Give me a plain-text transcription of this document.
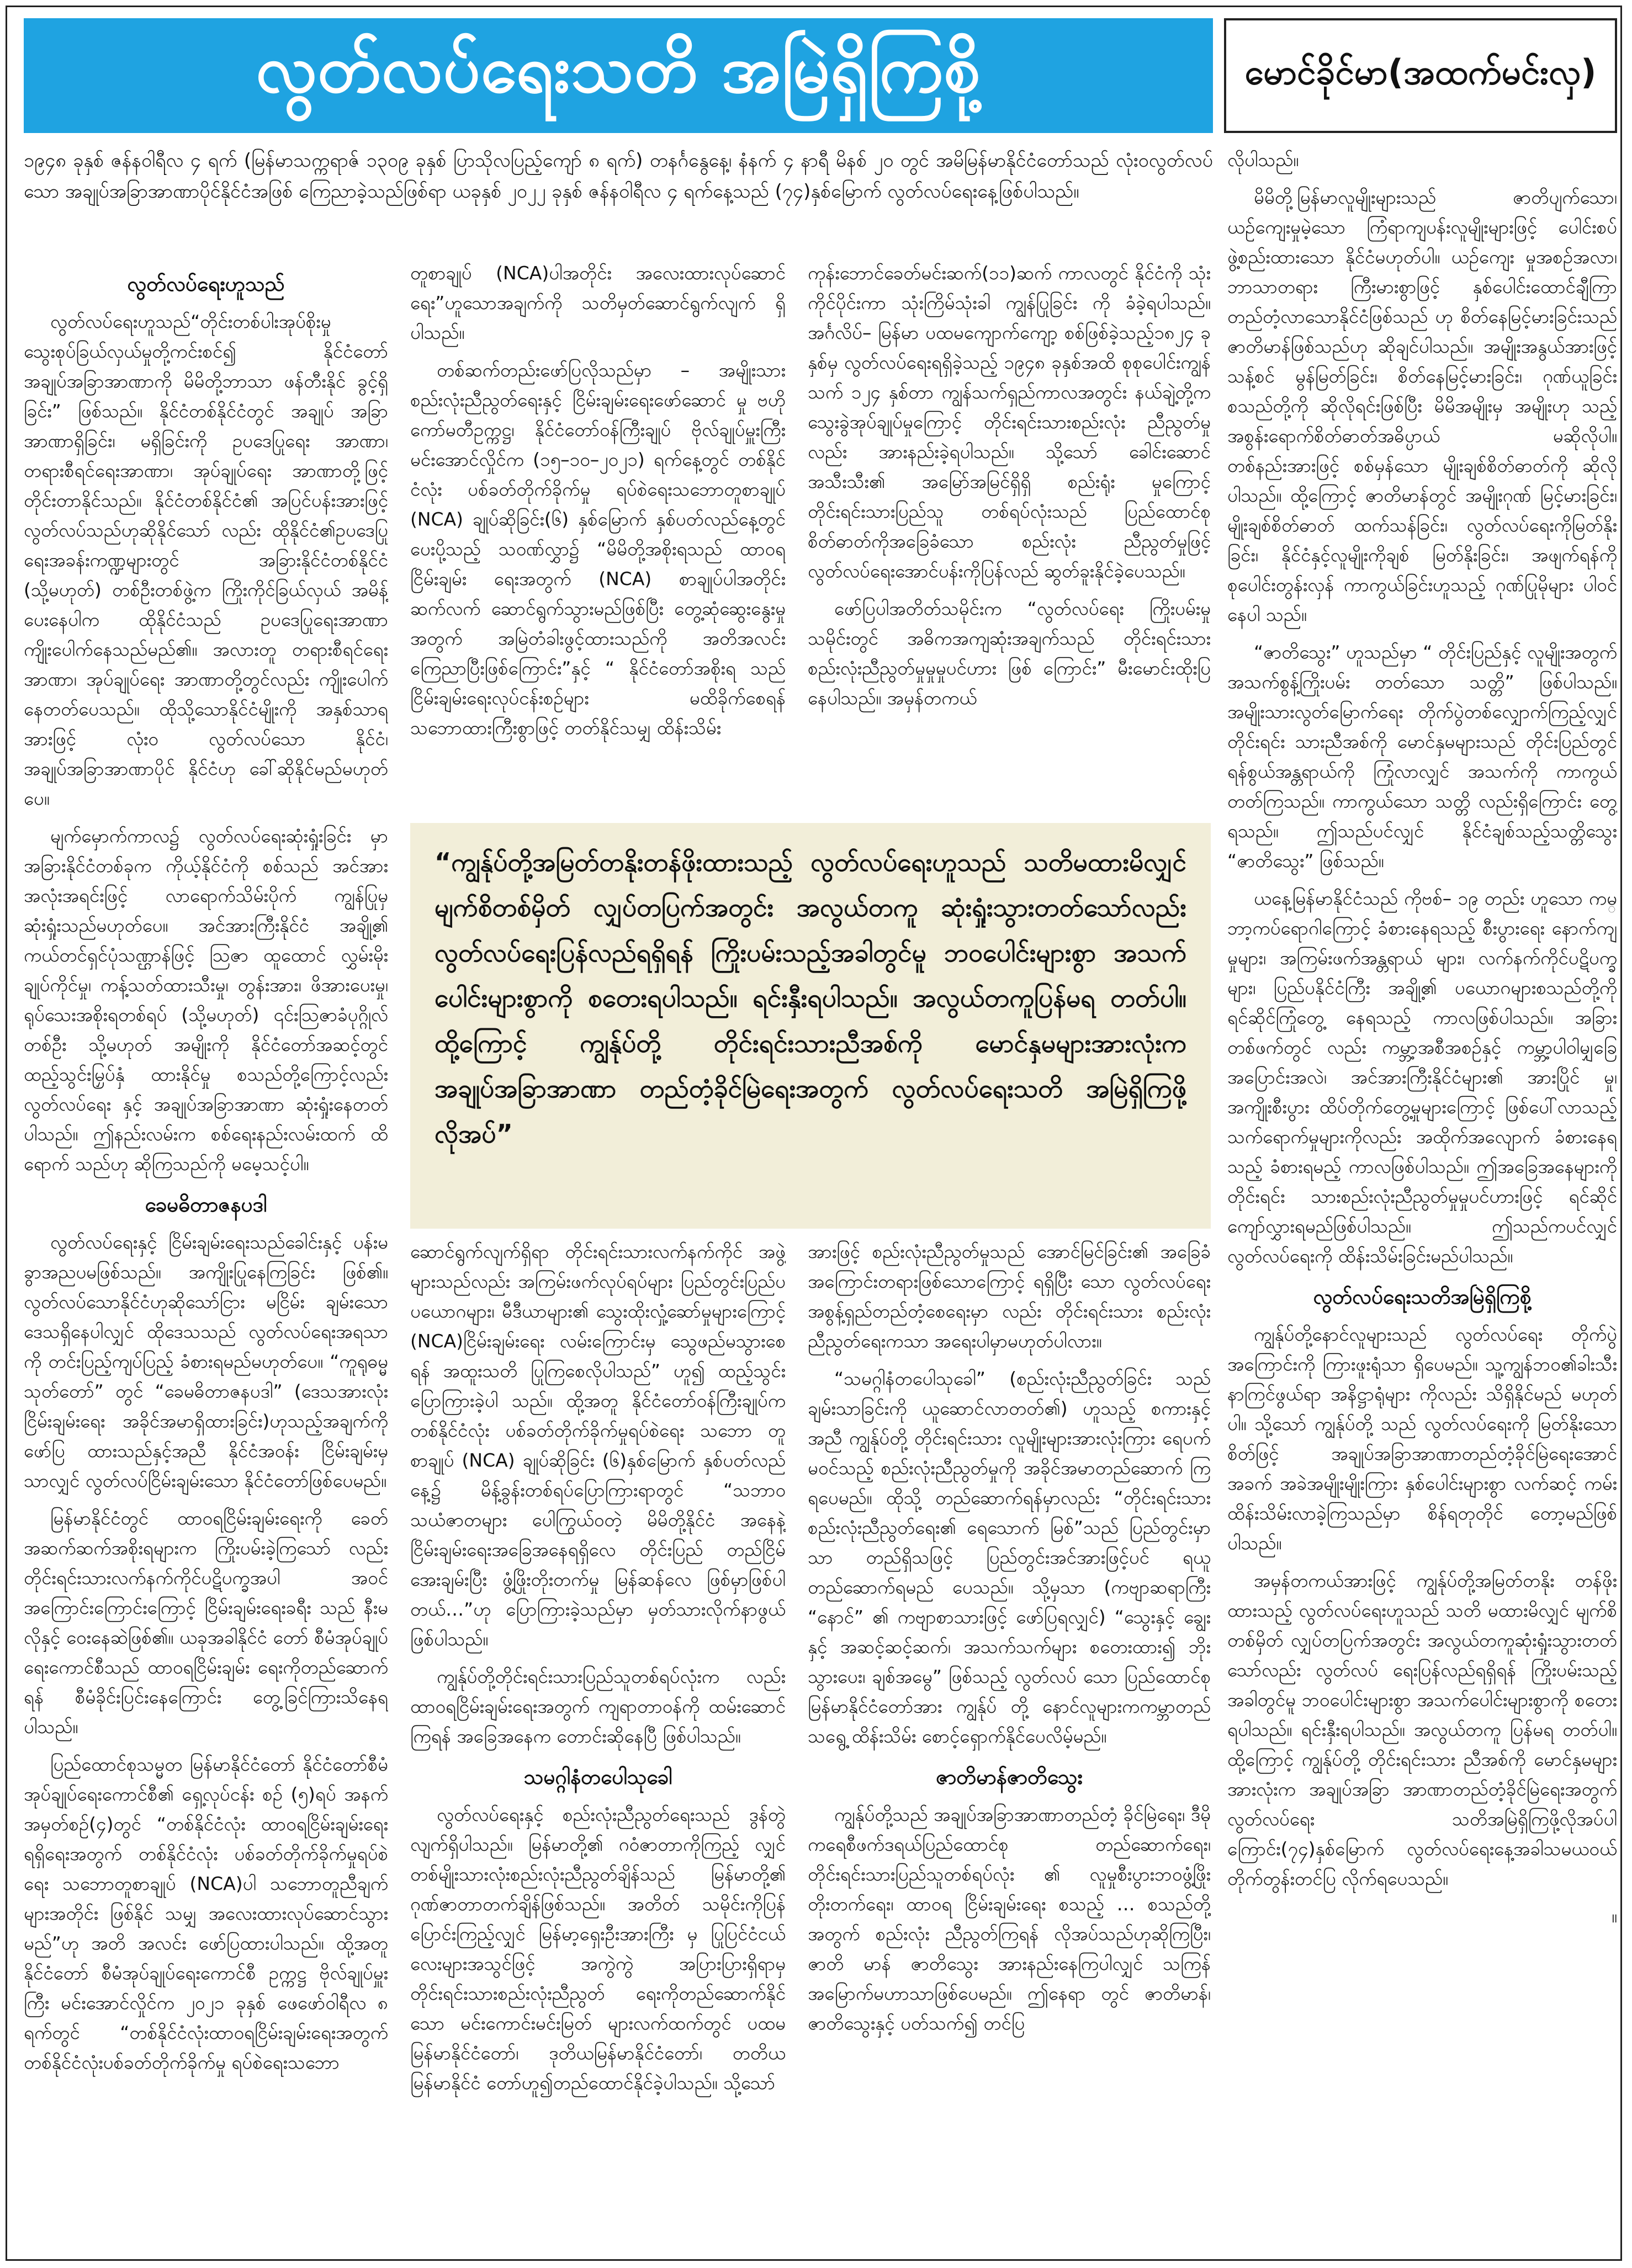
လွတ်လပ်ရေးသတိ အမြဲရှိကြစို့	မောင်ခိုင်မာ(အထက်မင်းလှ)

၁၉၄၈ ခုနှစ် ဇန်နဝါရီလ ၄ ရက် (မြန်မာသက္ကရာဇ် ၁၃၀၉ ခုနှစ် ပြာသိုလပြည့်ကျော် ၈ ရက်) တနင်္ဂနွေနေ့၊ နံနက် ၄ နာရီ မိနစ် ၂၀ တွင် အမိမြန်မာနိုင်ငံတော်သည် လုံးဝလွတ်လပ်သော အချုပ်အခြာအာဏာပိုင်နိုင်ငံအဖြစ် ကြေညာခဲ့သည်ဖြစ်ရာ ယခုနှစ် ၂၀၂၂ ခုနှစ် ဇန်နဝါရီလ ၄ ရက်နေ့သည် (၇၄)နှစ်မြောက် လွတ်လပ်ရေးနေ့ဖြစ်ပါသည်။

လွတ်လပ်ရေးဟူသည်

လွတ်လပ်ရေးဟူသည်“တိုင်းတစ်ပါးအုပ်စိုးမှု သွေးစုပ်ခြယ်လှယ်မှုတို့ကင်းစင်၍ နိုင်ငံတော် အချုပ်အခြာအာဏာကို မိမိတို့ဘာသာ ဖန်တီးနိုင် ခွင့်ရှိခြင်း” ဖြစ်သည်။ နိုင်ငံတစ်နိုင်ငံတွင် အချုပ် အခြာ အာဏာရှိခြင်း၊ မရှိခြင်းကို ဥပဒေပြုရေး အာဏာ၊ တရားစီရင်ရေးအာဏာ၊ အုပ်ချုပ်ရေး အာဏာတို့ဖြင့် တိုင်းတာနိုင်သည်။ နိုင်ငံတစ်နိုင်ငံ၏ အပြင်ပန်းအားဖြင့် လွတ်လပ်သည်ဟုဆိုနိုင်သော် လည်း ထိုနိုင်ငံ၏ဥပဒေပြုရေးအခန်းကဏ္ဍများတွင် အခြားနိုင်ငံတစ်နိုင်ငံ (သို့မဟုတ်) တစ်ဦးတစ်ဖွဲ့က ကြိုးကိုင်ခြယ်လှယ် အမိန့်ပေးနေပါက ထိုနိုင်ငံသည် ဥပဒေပြုရေးအာဏာ ကျိုးပေါက်နေသည်မည်၏။ အလားတူ တရားစီရင်ရေးအာဏာ၊ အုပ်ချုပ်ရေး အာဏာတို့တွင်လည်း ကျိုးပေါက်နေတတ်ပေသည်။ ထိုသို့သောနိုင်ငံမျိုးကို အနှစ်သာရအားဖြင့် လုံးဝ လွတ်လပ်သော နိုင်ငံ၊ အချုပ်အခြာအာဏာပိုင် နိုင်ငံဟု ခေါ်ဆိုနိုင်မည်မဟုတ်ပေ။

မျက်မှောက်ကာလ၌ လွတ်လပ်ရေးဆုံးရှုံးခြင်း မှာ အခြားနိုင်ငံတစ်ခုက ကိုယ့်နိုင်ငံကို စစ်သည် အင်အား အလုံးအရင်းဖြင့် လာရောက်သိမ်းပိုက် ကျွန်ပြုမှ ဆုံးရှုံးသည်မဟုတ်ပေ။ အင်အားကြီးနိုင်ငံ အချို့၏ ကယ်တင်ရှင်ပုံသဏ္ဌာန်ဖြင့် ဩဇာ ထူထောင် လွှမ်းမိုးချုပ်ကိုင်မှု၊ ကန့်သတ်ထားသီးမှု၊ တွန်းအား၊ ဖိအားပေးမှု၊ ရုပ်သေးအစိုးရတစ်ရပ် (သို့မဟုတ်) ၎င်းဩဇာခံပုဂ္ဂိုလ်တစ်ဦး သို့မဟုတ် အမျိုးကို နိုင်ငံတော်အဆင့်တွင် ထည့်သွင်းမြှပ်နှံ ထားနိုင်မှု စသည်တို့ကြောင့်လည်း လွတ်လပ်ရေး နှင့် အချုပ်အခြာအာဏာ ဆုံးရှုံးနေတတ်ပါသည်။ ဤနည်းလမ်းက စစ်ရေးနည်းလမ်းထက် ထိရောက် သည်ဟု ဆိုကြသည်ကို မမေ့သင့်ပါ။

ခေမဓိတာဇနပဒါ

လွတ်လပ်ရေးနှင့် ငြိမ်းချမ်းရေးသည်ခေါင်းနှင့် ပန်းမခွာအညပမဖြစ်သည်။ အကျိုးပြုနေကြခြင်း ဖြစ်၏။ လွတ်လပ်သောနိုင်ငံဟုဆိုသော်ငြား မငြိမ်း ချမ်းသောဒေသရှိနေပါလျှင် ထိုဒေသသည် လွတ်လပ်ရေးအရသာကို တင်းပြည့်ကျပ်ပြည့် ခံစားရမည်မဟုတ်ပေ။ “ကူရုဓမ္မသုတ်တော်” တွင် “ခေမဓိတာဇနပဒါ” (ဒေသအားလုံး ငြိမ်းချမ်းရေး အခိုင်အမာရှိထားခြင်း)ဟုသည့်အချက်ကို ဖော်ပြ ထားသည်နှင့်အညီ နိုင်ငံအဝန်း ငြိမ်းချမ်းမှသာလျှင် လွတ်လပ်ငြိမ်းချမ်းသော နိုင်ငံတော်ဖြစ်ပေမည်။

မြန်မာနိုင်ငံတွင် ထာဝရငြိမ်းချမ်းရေးကို ခေတ် အဆက်ဆက်အစိုးရများက ကြိုးပမ်းခဲ့ကြသော် လည်း တိုင်းရင်းသားလက်နက်ကိုင်ပဋိပက္ခအပါ အဝင် အကြောင်းကြောင်းကြောင့် ငြိမ်းချမ်းရေးခရီး သည် နီးမလိုနှင့် ဝေးနေဆဲဖြစ်၏။ ယခုအခါနိုင်ငံ တော် စီမံအုပ်ချုပ်ရေးကောင်စီသည် ထာဝရငြိမ်းချမ်း ရေးကိုတည်ဆောက်ရန် စီမံခိုင်းပြင်းနေကြောင်း တွေ့ခြင်ကြားသိနေရပါသည်။

ပြည်ထောင်စုသမ္မတ မြန်မာနိုင်ငံတော် နိုင်ငံတော်စီမံအုပ်ချုပ်ရေးကောင်စီ၏ ရှေ့လုပ်ငန်း စဉ် (၅)ရပ် အနက် အမှတ်စဉ်(၄)တွင် “တစ်နိုင်ငံလုံး ထာဝရငြိမ်းချမ်းရေးရရှိရေးအတွက် တစ်နိုင်ငံလုံး ပစ်ခတ်တိုက်ခိုက်မှုရပ်စဲရေး သဘောတူစာချုပ် (NCA)ပါ သဘောတူညီချက်များအတိုင်း ဖြစ်နိုင် သမျှ အလေးထားလုပ်ဆောင်သွားမည်”ဟု အတိ အလင်း ဖော်ပြထားပါသည်။ ထို့အတူ နိုင်ငံတော် စီမံအုပ်ချုပ်ရေးကောင်စီ ဥက္ကဋ္ဌ ဗိုလ်ချုပ်မှူးကြီး မင်းအောင်လှိုင်က ၂၀၂၁ ခုနှစ် ဖေဖော်ဝါရီလ ၈ ရက်တွင် “တစ်နိုင်ငံလုံးထာဝရငြိမ်းချမ်းရေးအတွက် တစ်နိုင်ငံလုံးပစ်ခတ်တိုက်ခိုက်မှု ရပ်စဲရေးသဘော

တူစာချုပ် (NCA)ပါအတိုင်း အလေးထားလုပ်ဆောင် ရေး”ဟူသောအချက်ကို သတိမှတ်ဆောင်ရွက်လျက် ရှိပါသည်။

တစ်ဆက်တည်းဖော်ပြလိုသည်မှာ – အမျိုးသား စည်းလုံးညီညွတ်ရေးနှင့် ငြိမ်းချမ်းရေးဖော်ဆောင် မှု ဗဟိုကော်မတီဥက္ကဋ္ဌ၊ နိုင်ငံတော်ဝန်ကြီးချုပ် ဗိုလ်ချုပ်မှူးကြီး မင်းအောင်လှိုင်က (၁၅–၁၀–၂၀၂၁) ရက်နေ့တွင် တစ်နိုင်ငံလုံး ပစ်ခတ်တိုက်ခိုက်မှု ရပ်စဲရေးသဘောတူစာချုပ် (NCA) ချုပ်ဆိုခြင်း(၆) နှစ်မြောက် နှစ်ပတ်လည်နေ့တွင် ပေးပို့သည့် သဝဏ်လွှာ၌ “မိမိတို့အစိုးရသည် ထာဝရငြိမ်းချမ်း ရေးအတွက် (NCA) စာချုပ်ပါအတိုင်း ဆက်လက် ဆောင်ရွက်သွားမည်ဖြစ်ပြီး တွေ့ဆုံဆွေးနွေးမှု အတွက် အမြဲတံခါးဖွင့်ထားသည်ကို အတိအလင်း ကြေညာပြီးဖြစ်ကြောင်း”နှင့် “ နိုင်ငံတော်အစိုးရ သည် ငြိမ်းချမ်းရေးလုပ်ငန်းစဉ်များ မထိခိုက်စေရန် သဘောထားကြီးစွာဖြင့် တတ်နိုင်သမျှ ထိန်းသိမ်း

ကုန်းဘောင်ခေတ်မင်းဆက်(၁၁)ဆက် ကာလတွင် နိုင်ငံကို သုံးကိုင်ပိုင်းကာ သုံးကြိမ်သုံးခါ ကျွန်ပြုခြင်း ကို ခံခဲ့ရပါသည်။ အင်္ဂလိပ်– မြန်မာ ပထမကျောက်ကျော့ စစ်ဖြစ်ခဲ့သည့်၁၈၂၄ ခုနှစ်မှ လွတ်လပ်ရေးရရှိခဲ့သည့် ၁၉၄၈ ခုနှစ်အထိ စုစုပေါင်းကျွန်သက် ၁၂၄ နှစ်တာ ကျွန်သက်ရှည်ကာလအတွင်း နယ်ချဲ့တို့က သွေးခွဲအုပ်ချုပ်မှုကြောင့် တိုင်းရင်းသားစည်းလုံး ညီညွတ်မှုလည်း အားနည်းခဲ့ရပါသည်။ သို့သော် ခေါင်းဆောင်အသီးသီး၏ အမြော်အမြင်ရှိရှိ စည်းရုံး မှုကြောင့် တိုင်းရင်းသားပြည်သူ တစ်ရပ်လုံးသည် ပြည်ထောင်စုစိတ်ဓာတ်ကိုအခြေခံသော စည်းလုံး ညီညွတ်မှုဖြင့် လွတ်လပ်ရေးအောင်ပန်းကိုပြန်လည် ဆွတ်ခူးနိုင်ခဲ့ပေသည်။

ဖော်ပြပါအတိတ်သမိုင်းက “လွတ်လပ်ရေး ကြိုးပမ်းမှုသမိုင်းတွင် အဓိကအကျဆုံးအချက်သည် တိုင်းရင်းသား စည်းလုံးညီညွတ်မှုမှုမှုပင်ဟား ဖြစ် ကြောင်း” မီးမောင်းထိုးပြနေပါသည်။ အမှန်တကယ်

“ကျွန်ုပ်တို့အမြတ်တနိုးတန်ဖိုးထားသည့် လွတ်လပ်ရေးဟူသည် သတိမထားမိလျှင် မျက်စိတစ်မှိတ် လျှပ်တပြက်အတွင်း အလွယ်တကူ ဆုံးရှုံးသွားတတ်သော်လည်း လွတ်လပ်ရေးပြန်လည်ရရှိရန် ကြိုးပမ်းသည့်အခါတွင်မူ ဘဝပေါင်းများစွာ အသက်ပေါင်းများစွာကို စတေးရပါသည်။ ရင်းနှီးရပါသည်။ အလွယ်တကူပြန်မရ တတ်ပါ။ ထို့ကြောင့် ကျွန်ုပ်တို့ တိုင်းရင်းသားညီအစ်ကို မောင်နှမများအားလုံးက အချုပ်အခြာအာဏာ တည်တံ့ခိုင်မြဲရေးအတွက် လွတ်လပ်ရေးသတိ အမြဲရှိကြဖို့ လိုအပ်”

ဆောင်ရွက်လျက်ရှိရာ တိုင်းရင်းသားလက်နက်ကိုင် အဖွဲ့များသည်လည်း အကြမ်းဖက်လုပ်ရပ်များ ပြည်တွင်းပြည်ပ ပယောဂများ၊ မီဒီယာများ၏ သွေးထိုးလှုံ့ဆော်မှုများကြောင့် (NCA)ငြိမ်းချမ်းရေး လမ်းကြောင်းမှ သွေဖည်မသွားစေရန် အထူးသတိ ပြုကြစေလိုပါသည်” ဟူ၍ ထည့်သွင်းပြောကြားခဲ့ပါ သည်။ ထို့အတူ နိုင်ငံတော်ဝန်ကြီးချုပ်က တစ်နိုင်ငံလုံး ပစ်ခတ်တိုက်ခိုက်မှုရပ်စဲရေး သဘော တူစာချုပ် (NCA) ချုပ်ဆိုခြင်း (၆)နှစ်မြောက် နှစ်ပတ်လည်နေ့၌ မိန့်ခွန်းတစ်ရပ်ပြောကြားရာတွင် “သဘာဝသယံဇာတများ ပေါကြွယ်ဝတဲ့ မိမိတို့နိုင်ငံ အနေနဲ့ ငြိမ်းချမ်းရေးအခြေအနေရရှိလေ တိုင်းပြည် တည်ငြိမ်အေးချမ်းပြီး ဖွံ့ဖြိုးတိုးတက်မှု မြန်ဆန်လေ ဖြစ်မှာဖြစ်ပါတယ်…”ဟု ပြောကြားခဲ့သည်မှာ မှတ်သားလိုက်နာဖွယ် ဖြစ်ပါသည်။

ကျွန်ုပ်တို့တိုင်းရင်းသားပြည်သူတစ်ရပ်လုံးက လည်း ထာဝရငြိမ်းချမ်းရေးအတွက် ကျရာတာဝန်ကို ထမ်းဆောင်ကြရန် အခြေအနေက တောင်းဆိုနေပြီ ဖြစ်ပါသည်။

သမဂ္ဂါနံတပေါသုခေါ

လွတ်လပ်ရေးနှင့် စည်းလုံးညီညွတ်ရေးသည် ဒွန်တွဲလျက်ရှိပါသည်။ မြန်မာတို့၏ ဂဝံဇာတာကိုကြည့် လျှင် တစ်မျိုးသားလုံးစည်းလုံးညီညွတ်ချိန်သည် မြန်မာတို့၏ ဂုဏ်ဇာတာတက်ချိန်ဖြစ်သည်။ အတိတ် သမိုင်းကိုပြန်ပြောင်းကြည့်လျှင် မြန်မာ့ရှေးဦးအားကြီး မှ ပြုပြင်ငံငယ်လေးများအသွင်ဖြင့် အကွဲကွဲ အပြားပြားရှိရာမှ တိုင်းရင်းသားစည်းလုံးညီညွတ် ရေးကိုတည်ဆောက်နိုင်သော မင်းကောင်းမင်းမြတ် များလက်ထက်တွင် ပထမမြန်မာနိုင်ငံတော်၊ ဒုတိယမြန်မာနိုင်ငံတော်၊ တတိယမြန်မာနိုင်ငံ တော်ဟူ၍တည်ထောင်နိုင်ခဲ့ပါသည်။ သို့သော်

အားဖြင့် စည်းလုံးညီညွတ်မှုသည် အောင်မြင်ခြင်း၏ အခြေခံအကြောင်းတရားဖြစ်သောကြောင့် ရရှိပြီး သော လွတ်လပ်ရေးအစွန့်ရှည်တည်တံ့စေရေးမှာ လည်း တိုင်းရင်းသား စည်းလုံးညီညွတ်ရေးကသာ အရေးပါမှာမဟုတ်ပါလား။

“သမဂ္ဂါနံတပေါသုခေါ” (စည်းလုံးညီညွတ်ခြင်း သည် ချမ်းသာခြင်းကို ယူဆောင်လာတတ်၏) ဟူသည့် စကားနှင့်အညီ ကျွန်ုပ်တို့ တိုင်းရင်းသား လူမျိုးများအားလုံးကြား ရေပက်မဝင်သည့် စည်းလုံးညီညွတ်မှုကို အခိုင်အမာတည်ဆောက် ကြရပေမည်။ ထိုသို့ တည်ဆောက်ရန်မှာလည်း “တိုင်းရင်းသားစည်းလုံးညီညွတ်ရေး၏ ရေသောက် မြစ်”သည် ပြည်တွင်းမှာသာ တည်ရှိသဖြင့် ပြည်တွင်းအင်အားဖြင့်ပင် ရယူတည်ဆောက်ရမည် ပေသည်။ သို့မှသာ (ကဗျာဆရာကြီး “နောင်” ၏ ကဗျာစာသားဖြင့် ဖော်ပြရလျှင်) “သွေးနှင့် ချွေးနှင့် အဆင့်ဆင့်ဆက်၊ အသက်သက်များ စတေးထား၍ ဘိုးသွားပေး၊ ချစ်အမွေ” ဖြစ်သည့် လွတ်လပ် သော ပြည်ထောင်စုမြန်မာနိုင်ငံတော်အား ကျွန်ုပ် တို့ နောင်လူများကကမ္ဘာတည်သရွေ့ ထိန်းသိမ်း စောင့်ရှောက်နိုင်ပေလိမ့်မည်။

ဇာတိမာန်ဇာတိသွေး

ကျွန်ုပ်တို့သည် အချုပ်အခြာအာဏာတည်တံ့ ခိုင်မြဲရေး၊ ဒီမိုကရေစီဖက်ဒရယ်ပြည်ထောင်စု တည်ဆောက်ရေး၊ တိုင်းရင်းသားပြည်သူတစ်ရပ်လုံး ၏ လူမှုစီးပွားဘဝဖွံ့ဖြိုးတိုးတက်ရေး၊ ထာဝရ ငြိမ်းချမ်းရေး စသည့် … စသည်တို့အတွက် စည်းလုံး ညီညွတ်ကြရန် လိုအပ်သည်ဟုဆိုကြပြီး၊ ဇာတိ မာန် ဇာတိသွေး အားနည်းနေကြပါလျှင် သကြန် အမြောက်မဟာသာဖြစ်ပေမည်။ ဤနေရာ တွင် ဇာတိမာန်၊ ဇာတိသွေးနှင့် ပတ်သက်၍ တင်ပြ

လိုပါသည်။

မိမိတို့မြန်မာလူမျိုးများသည် ဇာတိပျက်သော၊ ယဉ်ကျေးမှုမဲ့သော ကြံရာကျပန်းလူမျိုးများဖြင့် ပေါင်းစပ်ဖွဲ့စည်းထားသော နိုင်ငံမဟုတ်ပါ။ ယဉ်ကျေး မှုအစဉ်အလာ၊ ဘာသာတရား ကြီးမားစွာဖြင့် နှစ်ပေါင်းထောင်ချီကြာ တည်တံ့လာသောနိုင်ငံဖြစ်သည် ဟု စိတ်နေမြင့်မားခြင်းသည် ဇာတိမာန်ဖြစ်သည်ဟု ဆိုချင်ပါသည်။ အမျိုးအနွယ်အားဖြင့် သန့်စင် မွန်မြတ်ခြင်း၊ စိတ်နေမြင့်မားခြင်း၊ ဂုဏ်ယူခြင်း စသည်တို့ကို ဆိုလိုရင်းဖြစ်ပြီး မိမိအမျိုးမှ အမျိုးဟု သည့် အစွန်းရောက်စိတ်ဓာတ်အဓိပ္ပာယ် မဆိုလိုပါ။ တစ်နည်းအားဖြင့် စစ်မှန်သော မျိုးချစ်စိတ်ဓာတ်ကို ဆိုလိုပါသည်။ ထို့ကြောင့် ဇာတိမာန်တွင် အမျိုးဂုဏ် မြင့်မားခြင်း၊ မျိုးချစ်စိတ်ဓာတ် ထက်သန်ခြင်း၊ လွတ်လပ်ရေးကိုမြတ်နိုးခြင်း၊ နိုင်ငံနှင့်လူမျိုးကိုချစ် မြတ်နိုးခြင်း၊ အဖျက်ရန်ကို စုပေါင်းတွန်းလှန် ကာကွယ်ခြင်းဟူသည့် ဂုဏ်ပြုမိုများ ပါဝင်နေပါ သည်။

“ဇာတိသွေး” ဟူသည်မှာ “ တိုင်းပြည်နှင့် လူမျိုးအတွက် အသက်စွန့်ကြိုးပမ်း တတ်သော သတ္တိ” ဖြစ်ပါသည်။ အမျိုးသားလွတ်မြောက်ရေး တိုက်ပွဲတစ်လျှောက်ကြည့်လျှင် တိုင်းရင်း သားညီအစ်ကို မောင်နှမများသည် တိုင်းပြည်တွင် ရန်စွယ်အန္တရာယ်ကို ကြုံလာလျှင် အသက်ကို ကာကွယ် တတ်ကြသည်။ ကာကွယ်သော သတ္တိ လည်းရှိကြောင်း တွေ့ရသည်။ ဤသည်ပင်လျှင် နိုင်ငံချစ်သည့်သတ္တိသွေး “ဇာတိသွေး” ဖြစ်သည်။

ယနေ့မြန်မာနိုင်ငံသည် ကိုဗစ်– ၁၉ တည်း ဟူသော ကမ္ဘာ့ကပ်ရောဂါကြောင့် ခံစားနေရသည့် စီးပွားရေး နောက်ကျမှုများ၊ အကြမ်းဖက်အန္တရာယ် များ၊ လက်နက်ကိုင်ပဋိပက္ခများ၊ ပြည်ပနိုင်ငံကြီး အချို့၏ ပယောဂများစသည်တို့ကို ရင်ဆိုင်ကြုံတွေ့ နေရသည့် ကာလဖြစ်ပါသည်။ အခြားတစ်ဖက်တွင် လည်း ကမ္ဘာ့အစီအစဉ်နှင့် ကမ္ဘာ့ပါဝါမျှခြေ အပြောင်းအလဲ၊ အင်အားကြီးနိုင်ငံများ၏ အားပြိုင် မှု၊ အကျိုးစီးပွား ထိပ်တိုက်တွေ့မှုများကြောင့် ဖြစ်ပေါ်လာသည့် သက်ရောက်မှုများကိုလည်း အထိုက်အလျောက် ခံစားနေရသည့် ခံစားရမည့် ကာလဖြစ်ပါသည်။ ဤအခြေအနေများကို တိုင်းရင်း သားစည်းလုံးညီညွတ်မှုမှုပင်ဟားဖြင့် ရင်ဆိုင် ကျော်လွှားရမည်ဖြစ်ပါသည်။ ဤသည်ကပင်လျှင် လွတ်လပ်ရေးကို ထိန်းသိမ်းခြင်းမည်ပါသည်။

လွတ်လပ်ရေးသတိအမြဲရှိကြစို့

ကျွန်ုပ်တို့နောင်လူများသည် လွတ်လပ်ရေး တိုက်ပွဲအကြောင်းကို ကြားဖူးရုံသာ ရှိပေမည်။ သူ့ကျွန်ဘဝ၏ခါးသီးနာကြင်ဖွယ်ရာ အနိဋ္ဌာရုံများ ကိုလည်း သိရှိနိုင်မည် မဟုတ်ပါ။ သို့သော် ကျွန်ုပ်တို့ သည် လွတ်လပ်ရေးကို မြတ်နိုးသောစိတ်ဖြင့် အချုပ်အခြာအာဏာတည်တံ့ခိုင်မြဲရေးအောင် အခက် အခဲအမျိုးမျိုးကြား နှစ်ပေါင်းများစွာ လက်ဆင့် ကမ်း ထိန်းသိမ်းလာခဲ့ကြသည်မှာ စိန်ရတုတိုင် တော့မည်ဖြစ်ပါသည်။

အမှန်တကယ်အားဖြင့် ကျွန်ုပ်တို့အမြတ်တနိုး တန်ဖိုးထားသည့် လွတ်လပ်ရေးဟူသည် သတိ မထားမိလျှင် မျက်စိတစ်မှိတ် လျှပ်တပြက်အတွင်း အလွယ်တကူဆုံးရှုံးသွားတတ်သော်လည်း လွတ်လပ် ရေးပြန်လည်ရရှိရန် ကြိုးပမ်းသည့်အခါတွင်မူ ဘဝပေါင်းများစွာ အသက်ပေါင်းများစွာကို စတေး ရပါသည်။ ရင်းနှီးရပါသည်။ အလွယ်တကူ ပြန်မရ တတ်ပါ။ ထို့ကြောင့် ကျွန်ုပ်တို့ တိုင်းရင်းသား ညီအစ်ကို မောင်နှမများအားလုံးက အချုပ်အခြာ အာဏာတည်တံ့ခိုင်မြဲရေးအတွက် လွတ်လပ်ရေး သတိအမြဲရှိကြဖို့လိုအပ်ပါကြောင်း(၇၄)နှစ်မြောက် လွတ်လပ်ရေးနေ့အခါသမယဝယ် တိုက်တွန်းတင်ပြ လိုက်ရပေသည်။

။
